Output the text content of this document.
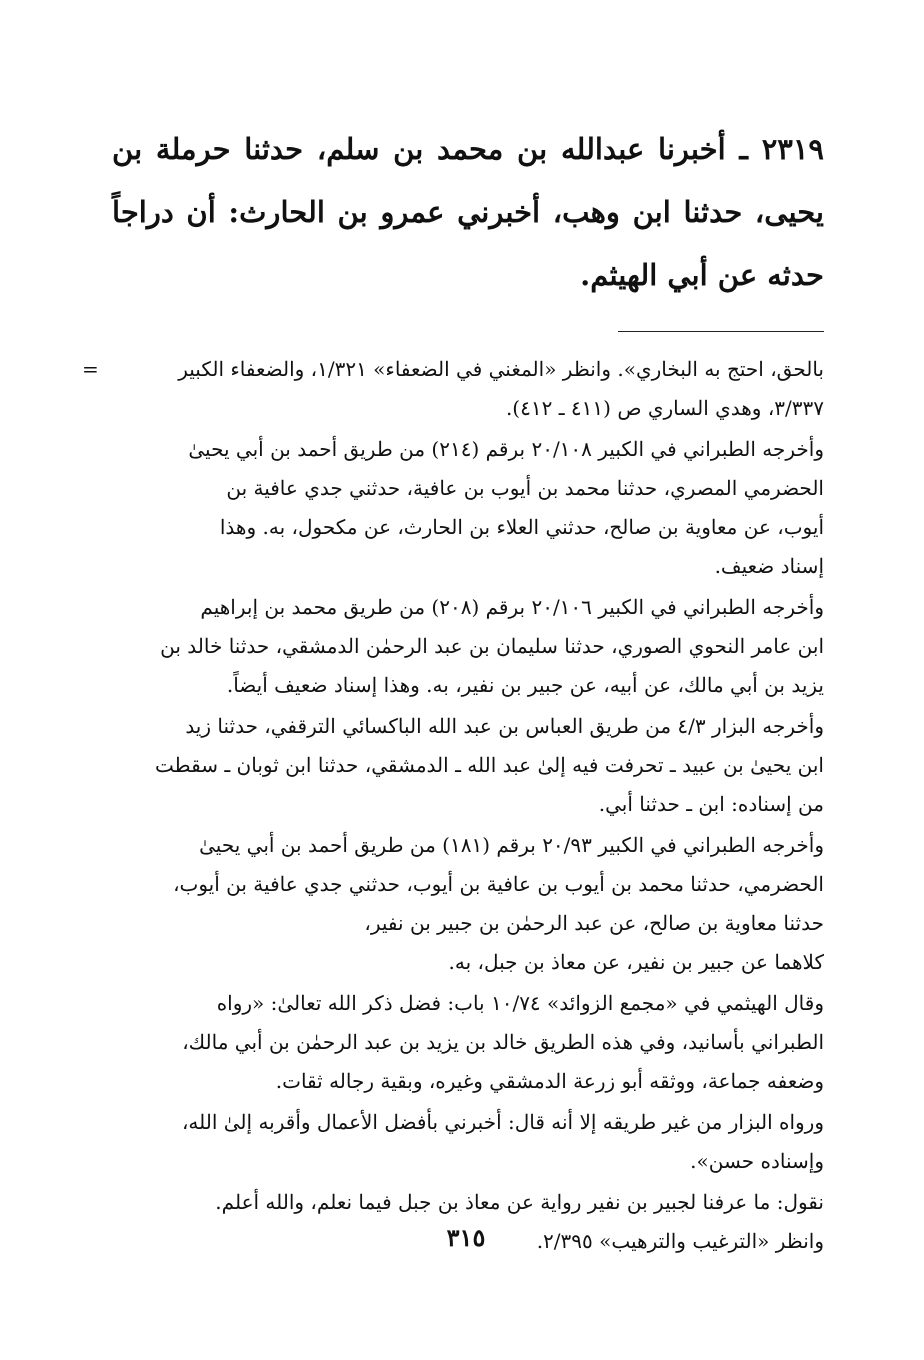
٢٣١٩ ـ أخبرنا عبدالله بن محمد بن سلم، حدثنا حرملة بن يحيى، حدثنا ابن وهب، أخبرني عمرو بن الحارث: أن دراجاً حدثه عن أبي الهيثم.

=	بالحق، احتج به البخاري». وانظر «المغني في الضعفاء» ١/٣٢١، والضعفاء الكبير
٣/٣٣٧، وهدي الساري ص (٤١١ ـ ٤١٢).
وأخرجه الطبراني في الكبير ٢٠/١٠٨ برقم (٢١٤) من طريق أحمد بن أبي يحيىٰ
الحضرمي المصري، حدثنا محمد بن أيوب بن عافية، حدثني جدي عافية بن
أيوب، عن معاوية بن صالح، حدثني العلاء بن الحارث، عن مكحول، به. وهذا
إسناد ضعيف.
وأخرجه الطبراني في الكبير ٢٠/١٠٦ برقم (٢٠٨) من طريق محمد بن إبراهيم
ابن عامر النحوي الصوري، حدثنا سليمان بن عبد الرحمٰن الدمشقي، حدثنا خالد بن
يزيد بن أبي مالك، عن أبيه، عن جبير بن نفير، به. وهذا إسناد ضعيف أيضاً.
وأخرجه البزار ٤/٣ من طريق العباس بن عبد الله الباكسائي الترقفي، حدثنا زيد
ابن يحيىٰ بن عبيد ـ تحرفت فيه إلىٰ عبد الله ـ الدمشقي، حدثنا ابن ثوبان ـ سقطت
من إسناده: ابن ـ حدثنا أبي.
وأخرجه الطبراني في الكبير ٢٠/٩٣ برقم (١٨١) من طريق أحمد بن أبي يحيىٰ
الحضرمي، حدثنا محمد بن أيوب بن عافية بن أيوب، حدثني جدي عافية بن أيوب،
حدثنا معاوية بن صالح، عن عبد الرحمٰن بن جبير بن نفير،
كلاهما عن جبير بن نفير، عن معاذ بن جبل، به.
وقال الهيثمي في «مجمع الزوائد» ١٠/٧٤ باب: فضل ذكر الله تعالىٰ: «رواه
الطبراني بأسانيد، وفي هذه الطريق خالد بن يزيد بن عبد الرحمٰن بن أبي مالك،
وضعفه جماعة، ووثقه أبو زرعة الدمشقي وغيره، وبقية رجاله ثقات.
ورواه البزار من غير طريقه إلا أنه قال: أخبرني بأفضل الأعمال وأقربه إلىٰ الله،
وإسناده حسن».
نقول: ما عرفنا لجبير بن نفير رواية عن معاذ بن جبل فيما نعلم، والله أعلم.
وانظر «الترغيب والترهيب» ٢/٣٩٥.
٣١٥
